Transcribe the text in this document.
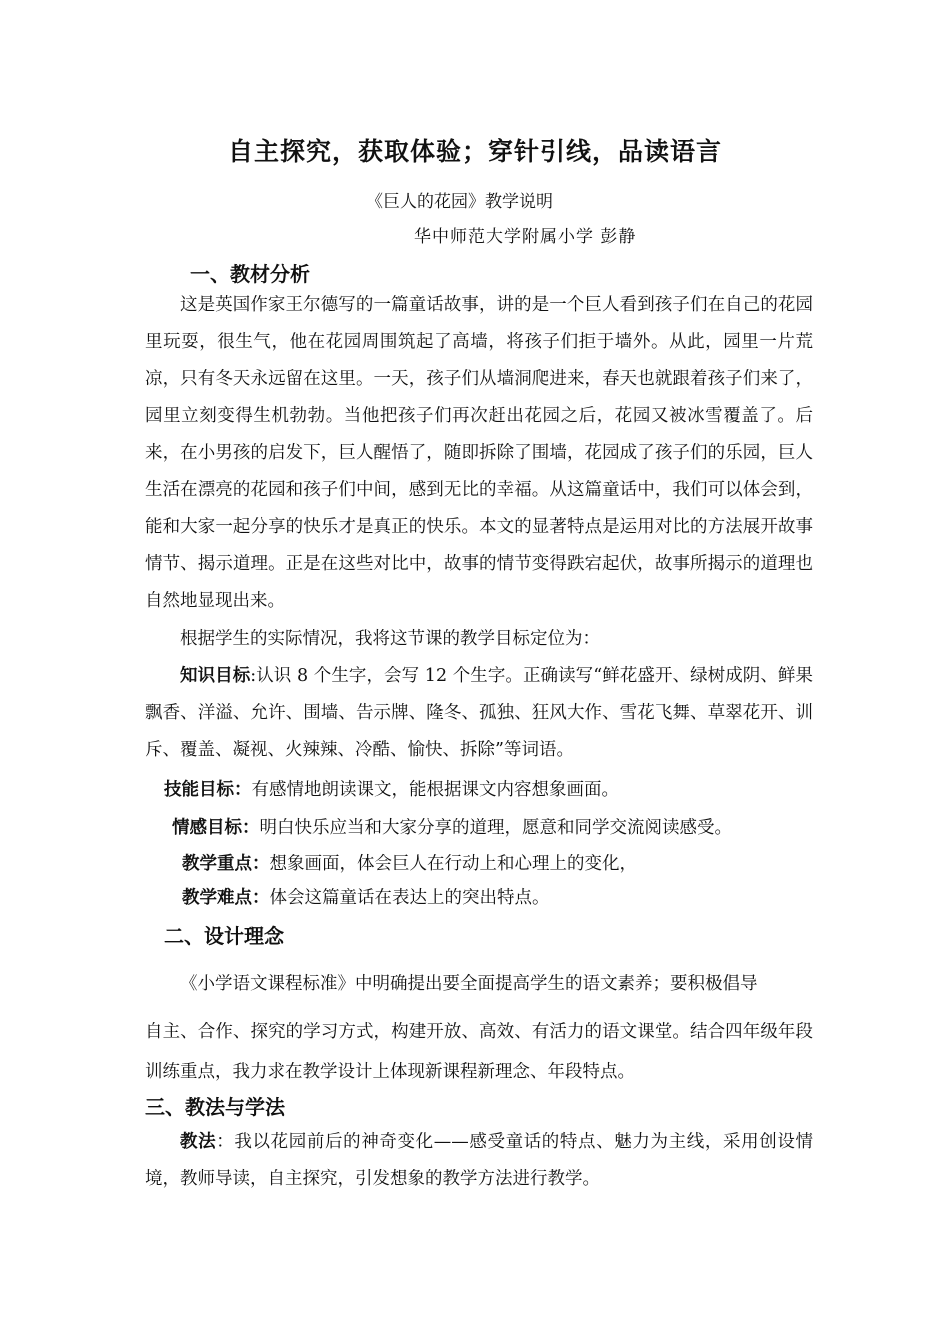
自主探究，获取体验；穿针引线，品读语言
《巨人的花园》教学说明
华中师范大学附属小学 彭静
一、教材分析
这是英国作家王尔德写的一篇童话故事，讲的是一个巨人看到孩子们在自己的花园里玩耍，很生气，他在花园周围筑起了高墙，将孩子们拒于墙外。从此，园里一片荒凉，只有冬天永远留在这里。一天，孩子们从墙洞爬进来，春天也就跟着孩子们来了，园里立刻变得生机勃勃。当他把孩子们再次赶出花园之后，花园又被冰雪覆盖了。后来，在小男孩的启发下，巨人醒悟了，随即拆除了围墙，花园成了孩子们的乐园，巨人生活在漂亮的花园和孩子们中间，感到无比的幸福。从这篇童话中，我们可以体会到，能和大家一起分享的快乐才是真正的快乐。本文的显著特点是运用对比的方法展开故事情节、揭示道理。正是在这些对比中，故事的情节变得跌宕起伏，故事所揭示的道理也自然地显现出来。
根据学生的实际情况，我将这节课的教学目标定位为：
知识目标:认识 8 个生字，会写 12 个生字。正确读写“鲜花盛开、绿树成阴、鲜果飘香、洋溢、允许、围墙、告示牌、隆冬、孤独、狂风大作、雪花飞舞、草翠花开、训斥、覆盖、凝视、火辣辣、冷酷、愉快、拆除”等词语。
技能目标：有感情地朗读课文，能根据课文内容想象画面。
情感目标：明白快乐应当和大家分享的道理，愿意和同学交流阅读感受。
教学重点：想象画面，体会巨人在行动上和心理上的变化，
教学难点：体会这篇童话在表达上的突出特点。
二、设计理念
《小学语文课程标准》中明确提出要全面提高学生的语文素养；要积极倡导
自主、合作、探究的学习方式，构建开放、高效、有活力的语文课堂。结合四年级年段训练重点，我力求在教学设计上体现新课程新理念、年段特点。
三、教法与学法
教法：我以花园前后的神奇变化——感受童话的特点、魅力为主线，采用创设情境，教师导读，自主探究，引发想象的教学方法进行教学。
